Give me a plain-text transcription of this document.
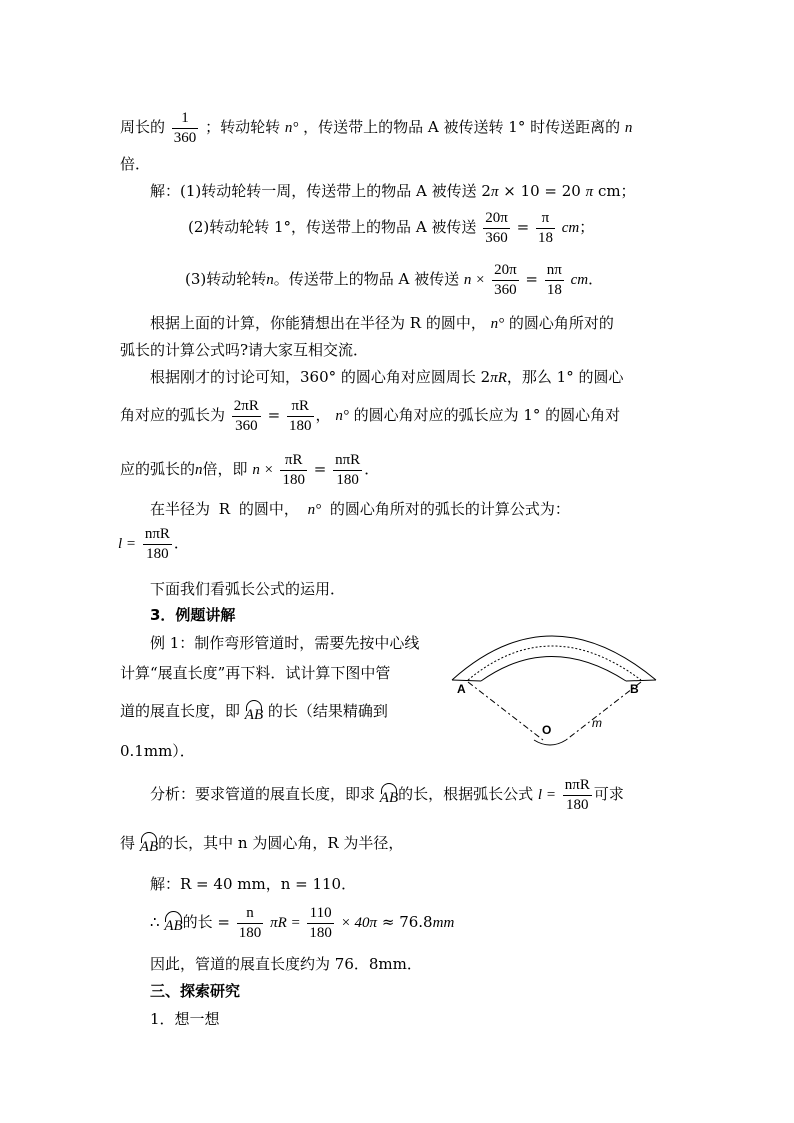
周长的 $\frac{1}{360}$ ；转动轮转 n° ，传送带上的物品 A 被传送转 1° 时传送距离的 n
倍．
解：(1)转动轮转一周，传送带上的物品 A 被传送 2π × 10 = 20 π cm；
(2)转动轮转 1°，传送带上的物品 A 被传送 $\frac{20\pi}{360} = \frac{\pi}{18}$ cm；
(3)转动轮转n。传送带上的物品 A 被传送 $n \times \frac{20\pi}{360} = \frac{n\pi}{18}$ cm．
根据上面的计算，你能猜想出在半径为 R 的圆中， n° 的圆心角所对的
弧长的计算公式吗?请大家互相交流．
根据刚才的讨论可知，360° 的圆心角对应圆周长 2πR，那么 1° 的圆心
角对应的弧长为 $\frac{2\pi R}{360} = \frac{\pi R}{180}$ ， n° 的圆心角对应的弧长应为 1° 的圆心角对
应的弧长的n倍，即 $n \times \frac{\pi R}{180} = \frac{\text{nπR}}{180}$ ．
在半径为 R 的圆中， n° 的圆心角所对的弧长的计算公式为：
$l = \frac{\text{nπR}}{180}$ ．
下面我们看弧长公式的运用．
3．例题讲解
例 1：制作弯形管道时，需要先按中心线
计算“展直长度”再下料．试计算下图中管
道的展直长度，即 AB 的长（结果精确到
0.1mm）．
A	B
O	m
分析：要求管道的展直长度，即求 AB的长，根据弧长公式 $l = \frac{\text{nπR}}{180}$ 可求
得 AB的长，其中 n 为圆心角，R 为半径，
解：R = 40 mm，n = 110．
∴ AB的长 = $\frac{n}{180}$ $\pi R = \frac{110}{180} \times 40\pi \approx 76.8mm$
因此，管道的展直长度约为 76．8mm．
三、探索研究
1．想一想
